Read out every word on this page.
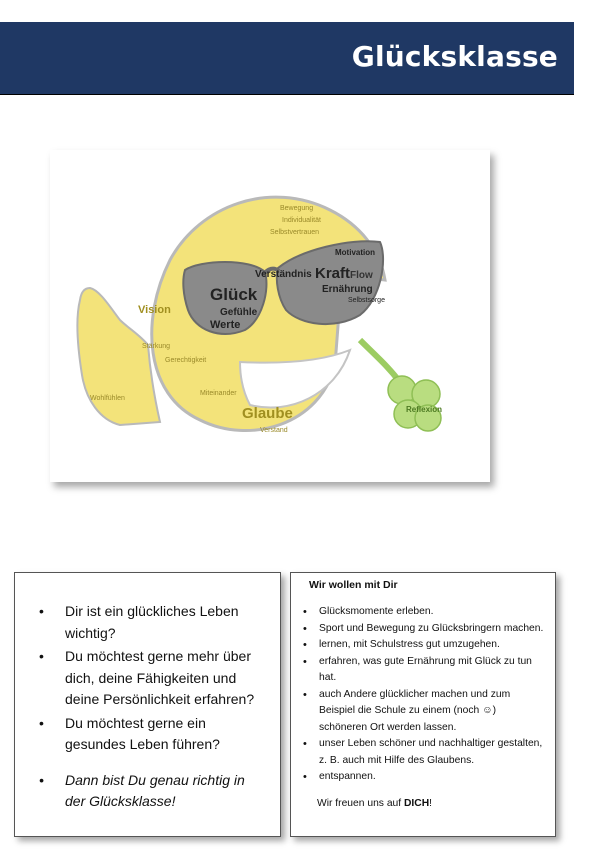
Glücksklasse
Glück
Kraft Flow
Werte
Glaube
Vision	Gefühle
Verständnis
Ernährung
Motivation
Reflexion
Bewegung
Individualität
Selbstvertrauen
Stärkung
Gerechtigkeit
Miteinander
Selbstsorge
Verstand
Wohlfühlen
• Dir ist ein glückliches Leben wichtig?
• Du möchtest gerne mehr über dich, deine Fähigkeiten und deine Persönlichkeit erfahren?
• Du möchtest gerne ein gesundes Leben führen?
• Dann bist Du genau richtig in der Glücksklasse!
Wir wollen mit Dir
• Glücksmomente erleben.
• Sport und Bewegung zu Glücksbringern machen.
• lernen, mit Schulstress gut umzugehen.
• erfahren, was gute Ernährung mit Glück zu tun hat.
• auch Andere glücklicher machen und zum Beispiel die Schule zu einem (noch ☺) schöneren Ort werden lassen.
• unser Leben schöner und nachhaltiger gestalten, z. B. auch mit Hilfe des Glaubens.
• entspannen.
Wir freuen uns auf DICH!
